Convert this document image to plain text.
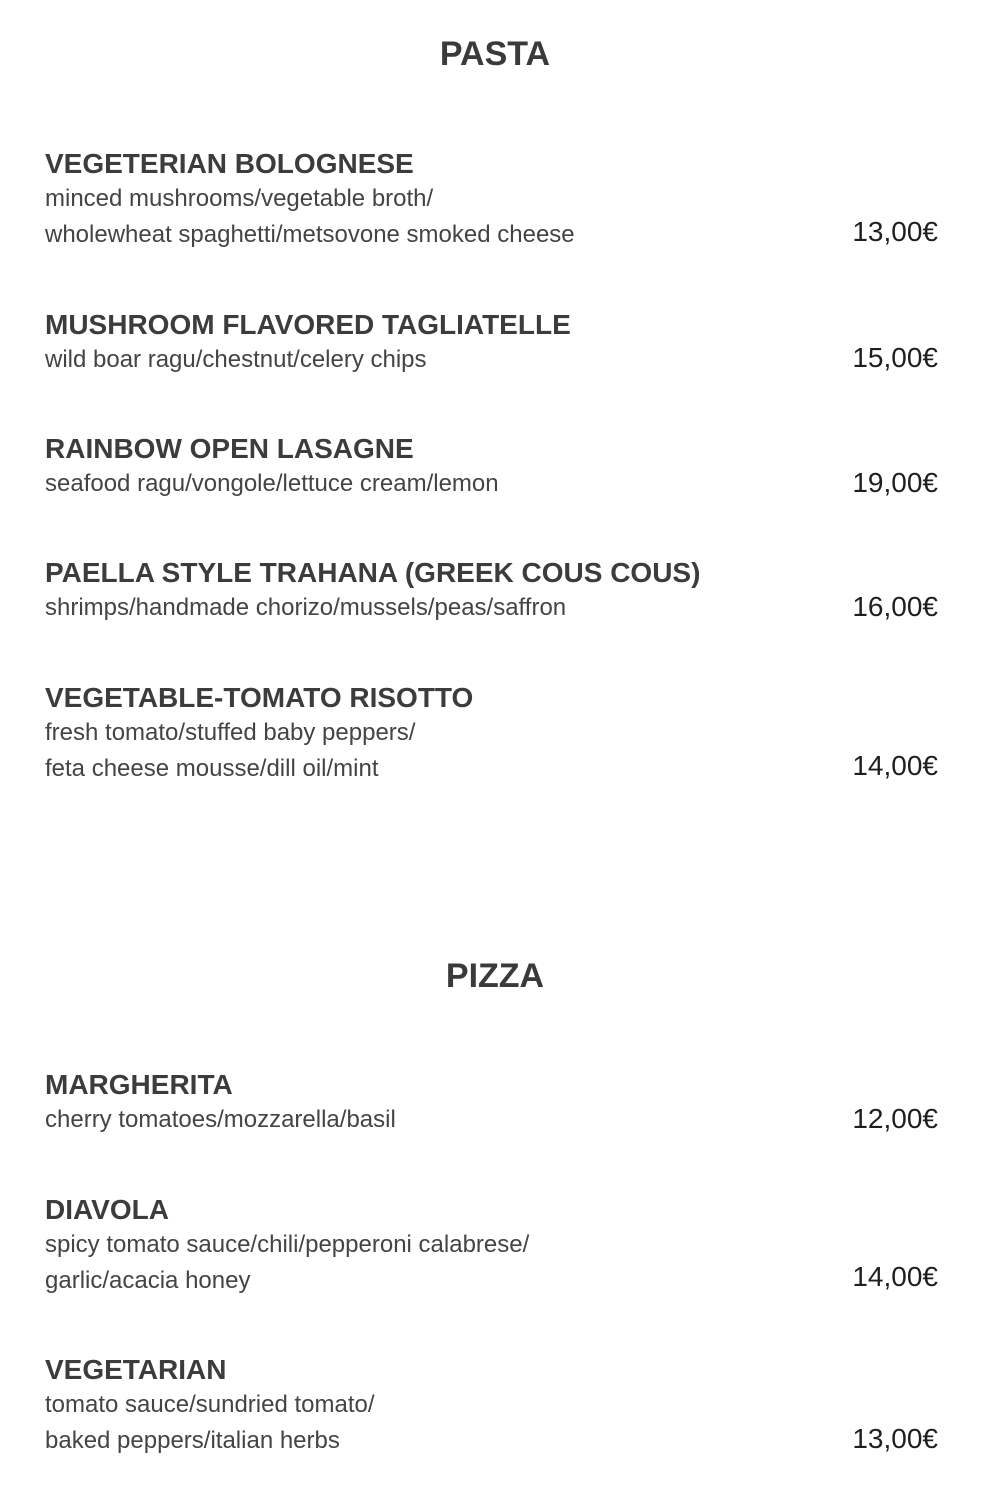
PASTA
VEGETERIAN BOLOGNESE
minced mushrooms/vegetable broth/
wholewheat spaghetti/metsovone smoked cheese	13,00€
MUSHROOM FLAVORED TAGLIATELLE
wild boar ragu/chestnut/celery chips	15,00€
RAINBOW OPEN LASAGNE
seafood ragu/vongole/lettuce cream/lemon	19,00€
PAELLA STYLE TRAHANA (GREEK COUS COUS)
shrimps/handmade chorizo/mussels/peas/saffron	16,00€
VEGETABLE-TOMATO RISOTTO
fresh tomato/stuffed baby peppers/
feta cheese mousse/dill oil/mint	14,00€
PIZZA
MARGHERITA
cherry tomatoes/mozzarella/basil	12,00€
DIAVOLA
spicy tomato sauce/chili/pepperoni calabrese/
garlic/acacia honey	14,00€
VEGETARIAN
tomato sauce/sundried tomato/
baked peppers/italian herbs	13,00€
